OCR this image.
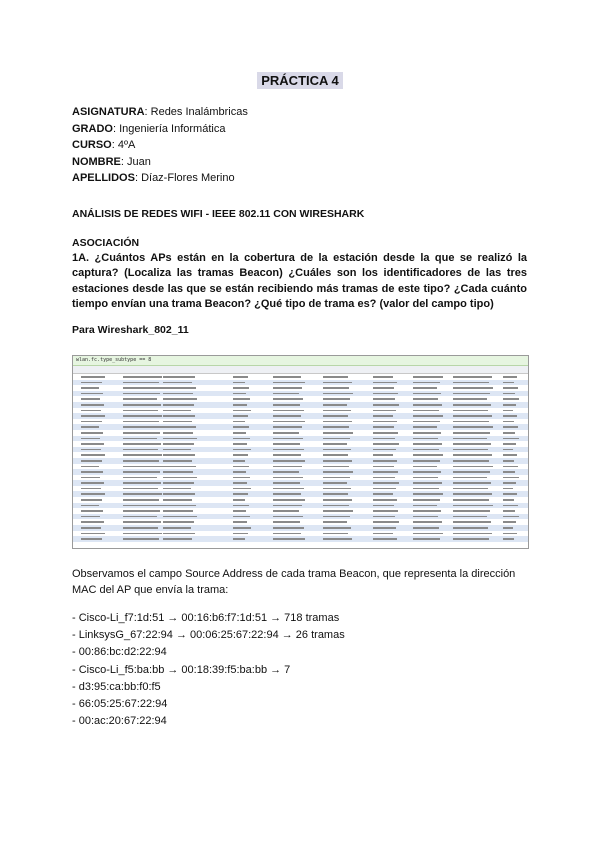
PRÁCTICA 4
ASIGNATURA: Redes Inalámbricas
GRADO: Ingeniería Informática
CURSO: 4ºA
NOMBRE: Juan
APELLIDOS: Díaz-Flores Merino
ANÁLISIS DE REDES WIFI - IEEE 802.11 CON WIRESHARK
ASOCIACIÓN
1A. ¿Cuántos APs están en la cobertura de la estación desde la que se realizó la captura? (Localiza las tramas Beacon) ¿Cuáles son los identificadores de las tres estaciones desde las que se están recibiendo más tramas de este tipo? ¿Cada cuánto tiempo envían una trama Beacon? ¿Qué tipo de trama es? (valor del campo tipo)
Para Wireshark_802_11
wlan.fc.type_subtype == 8
Observamos el campo Source Address de cada trama Beacon, que representa la dirección MAC del AP que envía la trama:
- Cisco-Li_f7:1d:51 → 00:16:b6:f7:1d:51 → 718 tramas
- LinksysG_67:22:94 → 00:06:25:67:22:94 → 26 tramas
- 00:86:bc:d2:22:94
- Cisco-Li_f5:ba:bb → 00:18:39:f5:ba:bb → 7
- d3:95:ca:bb:f0:f5
- 66:05:25:67:22:94
- 00:ac:20:67:22:94
